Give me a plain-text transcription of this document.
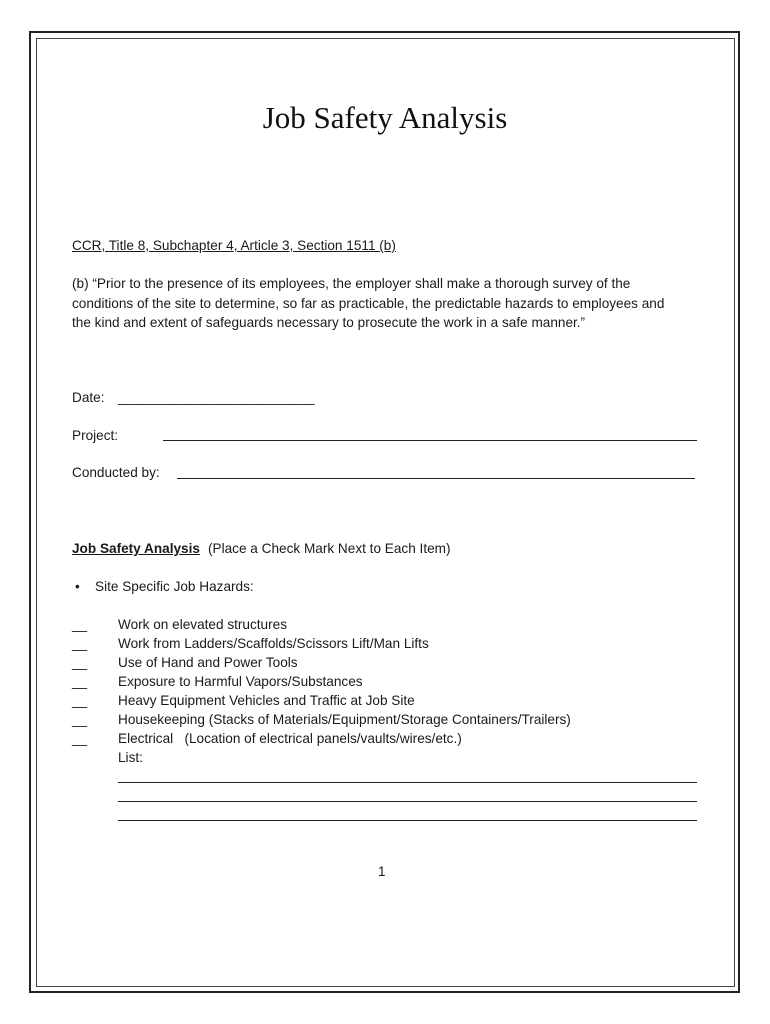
Job Safety Analysis
CCR, Title 8, Subchapter 4, Article 3, Section 1511 (b)
(b) “Prior to the presence of its employees, the employer shall make a thorough survey of the
conditions of the site to determine, so far as practicable, the predictable hazards to employees and
the kind and extent of safeguards necessary to prosecute the work in a safe manner.”
Date: __________________________
Project:
Conducted by:
Job Safety Analysis (Place a Check Mark Next to Each Item)
• Site Specific Job Hazards:
__ Work on elevated structures
__ Work from Ladders/Scaffolds/Scissors Lift/Man Lifts
__ Use of Hand and Power Tools
__ Exposure to Harmful Vapors/Substances
__ Heavy Equipment Vehicles and Traffic at Job Site
__ Housekeeping (Stacks of Materials/Equipment/Storage Containers/Trailers)
__ Electrical   (Location of electrical panels/vaults/wires/etc.)
List:
1
